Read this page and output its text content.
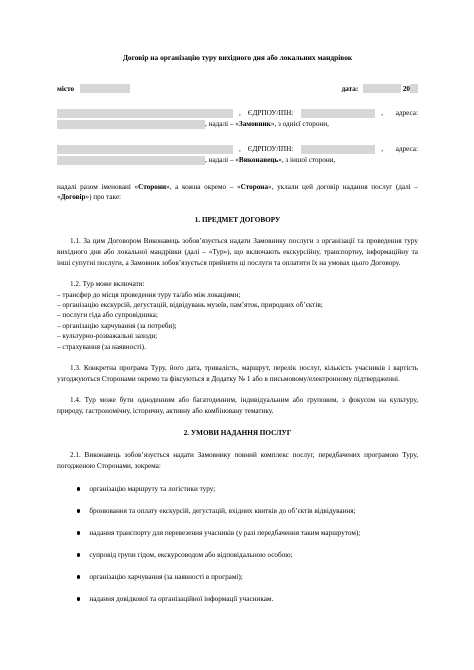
Договір на організацію туру вихідного дня або локальних мандрівок
місто	дата:	20
, ЄДРПОУ/ІПН:	, адреса:
, надалі – « Замовник », з однієї сторони,
, ЄДРПОУ/ІПН:	, адреса:
, надалі – « Виконавець », з іншої сторони,

надалі разом іменовані «Сторони», а кожна окремо – «Сторона», уклали цей договір надання послуг (далі – «Договір») про таке:

1. ПРЕДМЕТ ДОГОВОРУ

1.1. За цим Договором Виконавець зобов’язується надати Замовнику послуги з організації та проведення туру вихідного дня або локальної мандрівки (далі – «Тур»), що включають екскурсійну, транспортну, інформаційну та інші супутні послуги, а Замовник зобов’язується прийняти ці послуги та оплатити їх на умовах цього Договору.

1.2. Тур може включати:
– трансфер до місця проведення туру та/або між локаціями;
– організацію екскурсій, дегустацій, відвідувань музеїв, пам’яток, природних об’єктів;
– послуги гіда або супровідника;
– організацію харчування (за потреби);
– культурно-розважальні заходи;
– страхування (за наявності).

1.3. Конкретна програма Туру, його дата, тривалість, маршрут, перелік послуг, кількість учасників і вартість узгоджуються Сторонами окремо та фіксуються в Додатку № 1 або в письмовому/електронному підтвердженні.

1.4. Тур може бути одноденним або багатоденним, індивідуальним або груповим, з фокусом на культуру, природу, гастрономічну, історичну, активну або комбіновану тематику.

2. УМОВИ НАДАННЯ ПОСЛУГ

2.1. Виконавець зобов’язується надати Замовнику повний комплекс послуг, передбачених програмою Туру, погодженою Сторонами, зокрема:

організацію маршруту та логістики туру;
бронювання та оплату екскурсій, дегустацій, вхідних квитків до об’єктів відвідування;
надання транспорту для перевезення учасників (у разі передбачення таким маршрутом);
супровід групи гідом, екскурсоводом або відповідальною особою;
організацію харчування (за наявності в програмі);
надання довідкової та організаційної інформації учасникам.
